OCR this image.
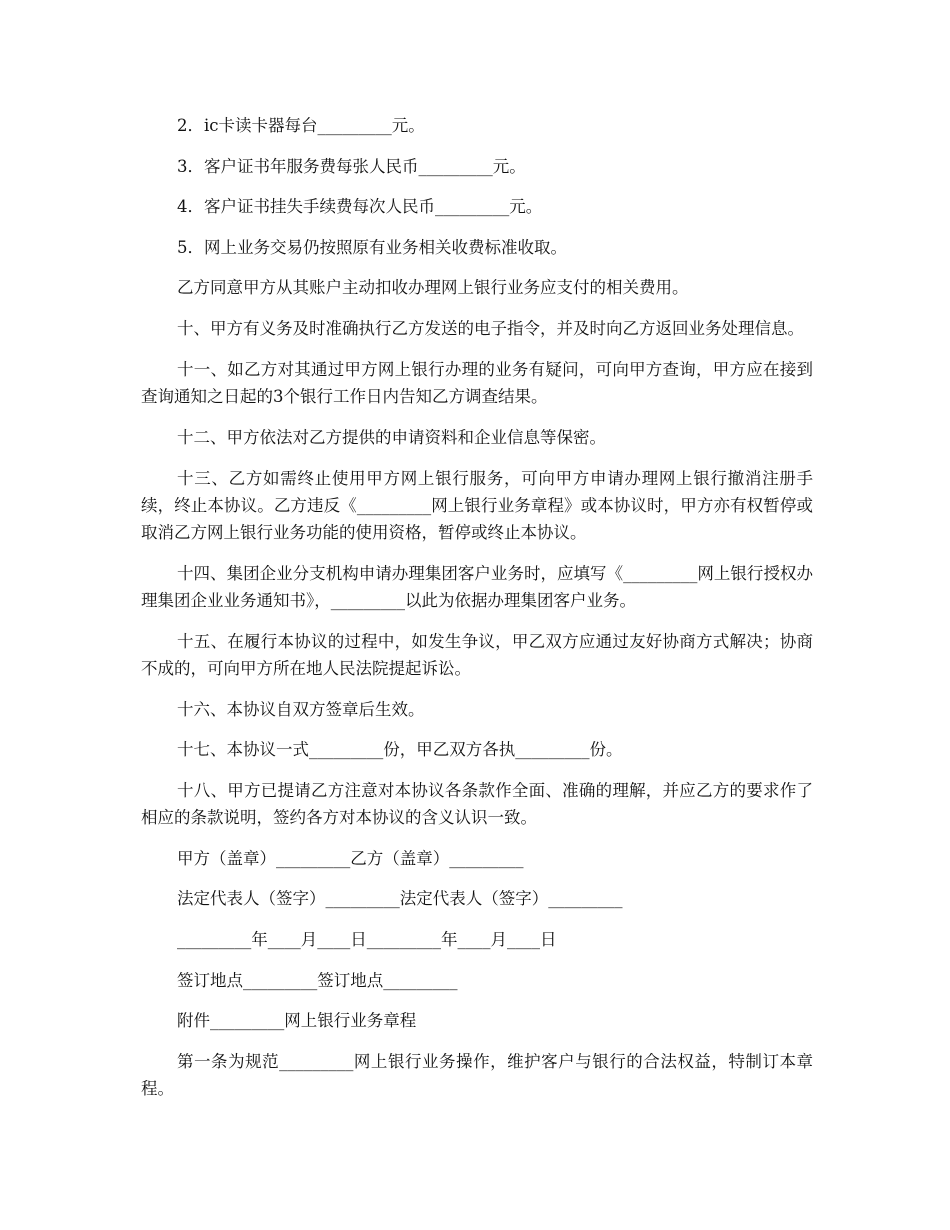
2．ic卡读卡器每台_________元。

3．客户证书年服务费每张人民币_________元。

4．客户证书挂失手续费每次人民币_________元。

5．网上业务交易仍按照原有业务相关收费标准收取。

乙方同意甲方从其账户主动扣收办理网上银行业务应支付的相关费用。

十、甲方有义务及时准确执行乙方发送的电子指令，并及时向乙方返回业务处理信息。

十一、如乙方对其通过甲方网上银行办理的业务有疑问，可向甲方查询，甲方应在接到查询通知之日起的3个银行工作日内告知乙方调查结果。

十二、甲方依法对乙方提供的申请资料和企业信息等保密。

十三、乙方如需终止使用甲方网上银行服务，可向甲方申请办理网上银行撤消注册手续，终止本协议。乙方违反《_________网上银行业务章程》或本协议时，甲方亦有权暂停或取消乙方网上银行业务功能的使用资格，暂停或终止本协议。

十四、集团企业分支机构申请办理集团客户业务时，应填写《_________网上银行授权办理集团企业业务通知书》，_________以此为依据办理集团客户业务。

十五、在履行本协议的过程中，如发生争议，甲乙双方应通过友好协商方式解决；协商不成的，可向甲方所在地人民法院提起诉讼。

十六、本协议自双方签章后生效。

十七、本协议一式_________份，甲乙双方各执_________份。

十八、甲方已提请乙方注意对本协议各条款作全面、准确的理解，并应乙方的要求作了相应的条款说明，签约各方对本协议的含义认识一致。

甲方（盖章）_________乙方（盖章）_________

法定代表人（签字）_________法定代表人（签字）_________

_________年____月____日_________年____月____日

签订地点_________签订地点_________

附件_________网上银行业务章程

第一条为规范_________网上银行业务操作，维护客户与银行的合法权益，特制订本章程。
